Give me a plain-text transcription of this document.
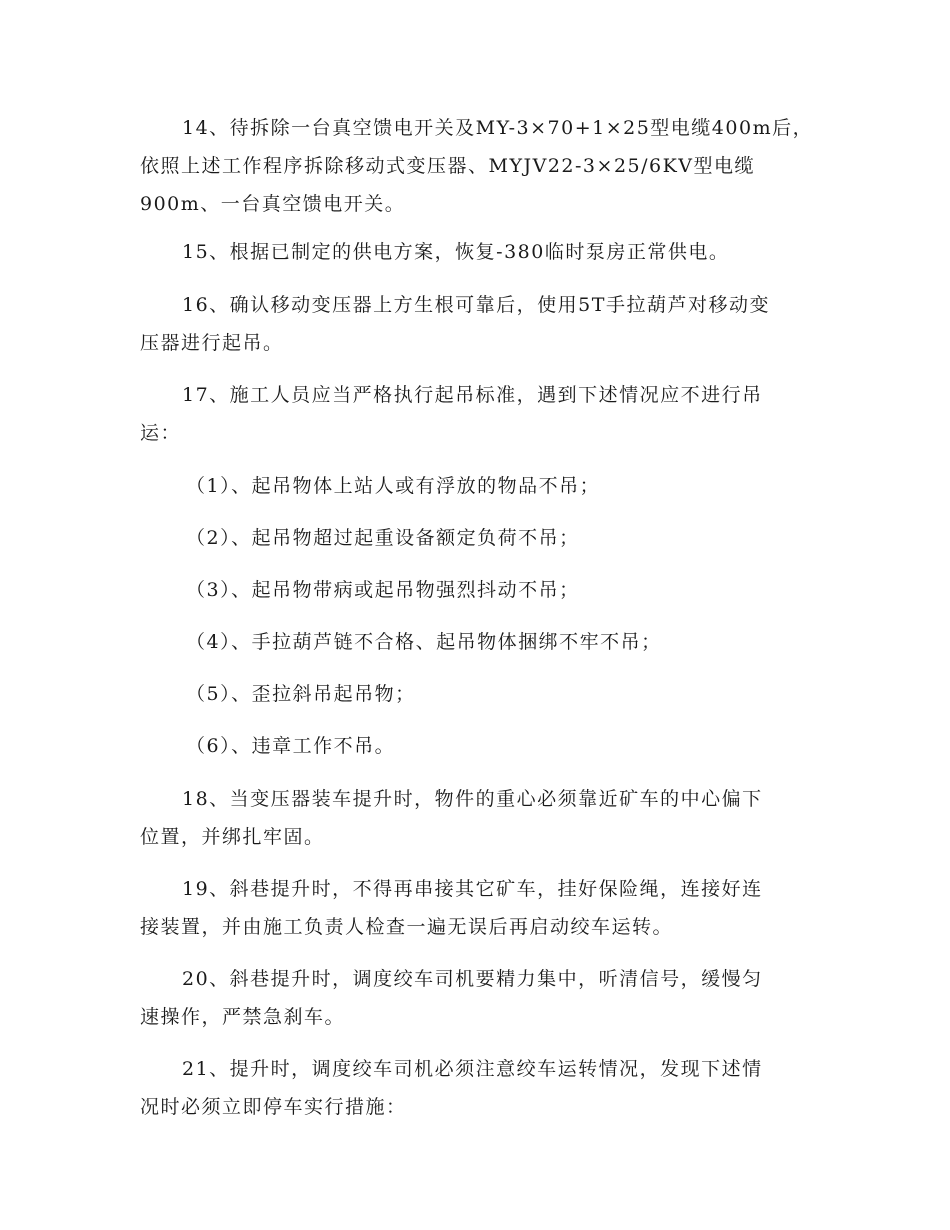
14、待拆除一台真空馈电开关及MY-3×70+1×25型电缆400m后，
依照上述工作程序拆除移动式变压器、MYJV22-3×25/6KV型电缆
900m、一台真空馈电开关。

15、根据已制定的供电方案，恢复-380临时泵房正常供电。

16、确认移动变压器上方生根可靠后，使用5T手拉葫芦对移动变
压器进行起吊。

17、施工人员应当严格执行起吊标准，遇到下述情况应不进行吊
运：

（1）、起吊物体上站人或有浮放的物品不吊；

（2）、起吊物超过起重设备额定负荷不吊；

（3）、起吊物带病或起吊物强烈抖动不吊；

（4）、手拉葫芦链不合格、起吊物体捆绑不牢不吊；

（5）、歪拉斜吊起吊物；

（6）、违章工作不吊。

18、当变压器装车提升时，物件的重心必须靠近矿车的中心偏下
位置，并绑扎牢固。

19、斜巷提升时，不得再串接其它矿车，挂好保险绳，连接好连
接装置，并由施工负责人检查一遍无误后再启动绞车运转。

20、斜巷提升时，调度绞车司机要精力集中，听清信号，缓慢匀
速操作，严禁急刹车。

21、提升时，调度绞车司机必须注意绞车运转情况，发现下述情
况时必须立即停车实行措施：
